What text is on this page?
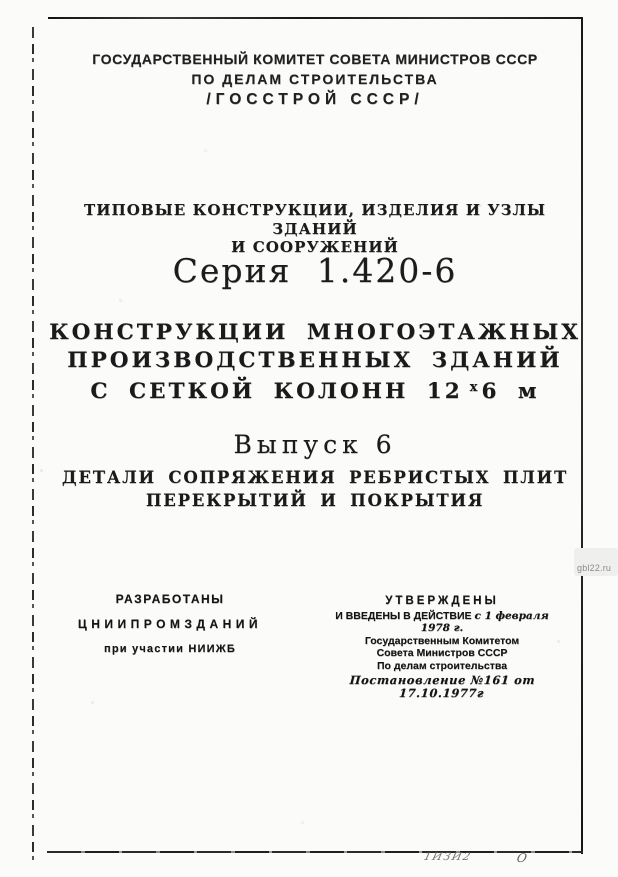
ГОСУДАРСТВЕННЫЙ КОМИТЕТ СОВЕТА МИНИСТРОВ СССР
ПО ДЕЛАМ СТРОИТЕЛЬСТВА
/ГОССТРОЙ СССР/
ТИПОВЫЕ КОНСТРУКЦИИ, ИЗДЕЛИЯ И УЗЛЫ ЗДАНИЙ
И СООРУЖЕНИЙ
Серия 1.420-6
КОНСТРУКЦИИ МНОГОЭТАЖНЫХ
ПРОИЗВОДСТВЕННЫХ ЗДАНИЙ
С СЕТКОЙ КОЛОНН 12 $^х$ 6 м
Выпуск 6
ДЕТАЛИ СОПРЯЖЕНИЯ РЕБРИСТЫХ ПЛИТ
ПЕРЕКРЫТИЙ И ПОКРЫТИЯ
РАЗРАБОТАНЫ
ЦНИИПРОМЗДАНИЙ
при участии НИИЖБ
УТВЕРЖДЕНЫ
И ВВЕДЕНЫ В ДЕЙСТВИЕ с 1 февраля 1978 г.
Государственным Комитетом
Совета Министров СССР
По делам строительства
Постановление №161 от 17.10.1977г
gbl22.ru
1ИЗИ2	О
